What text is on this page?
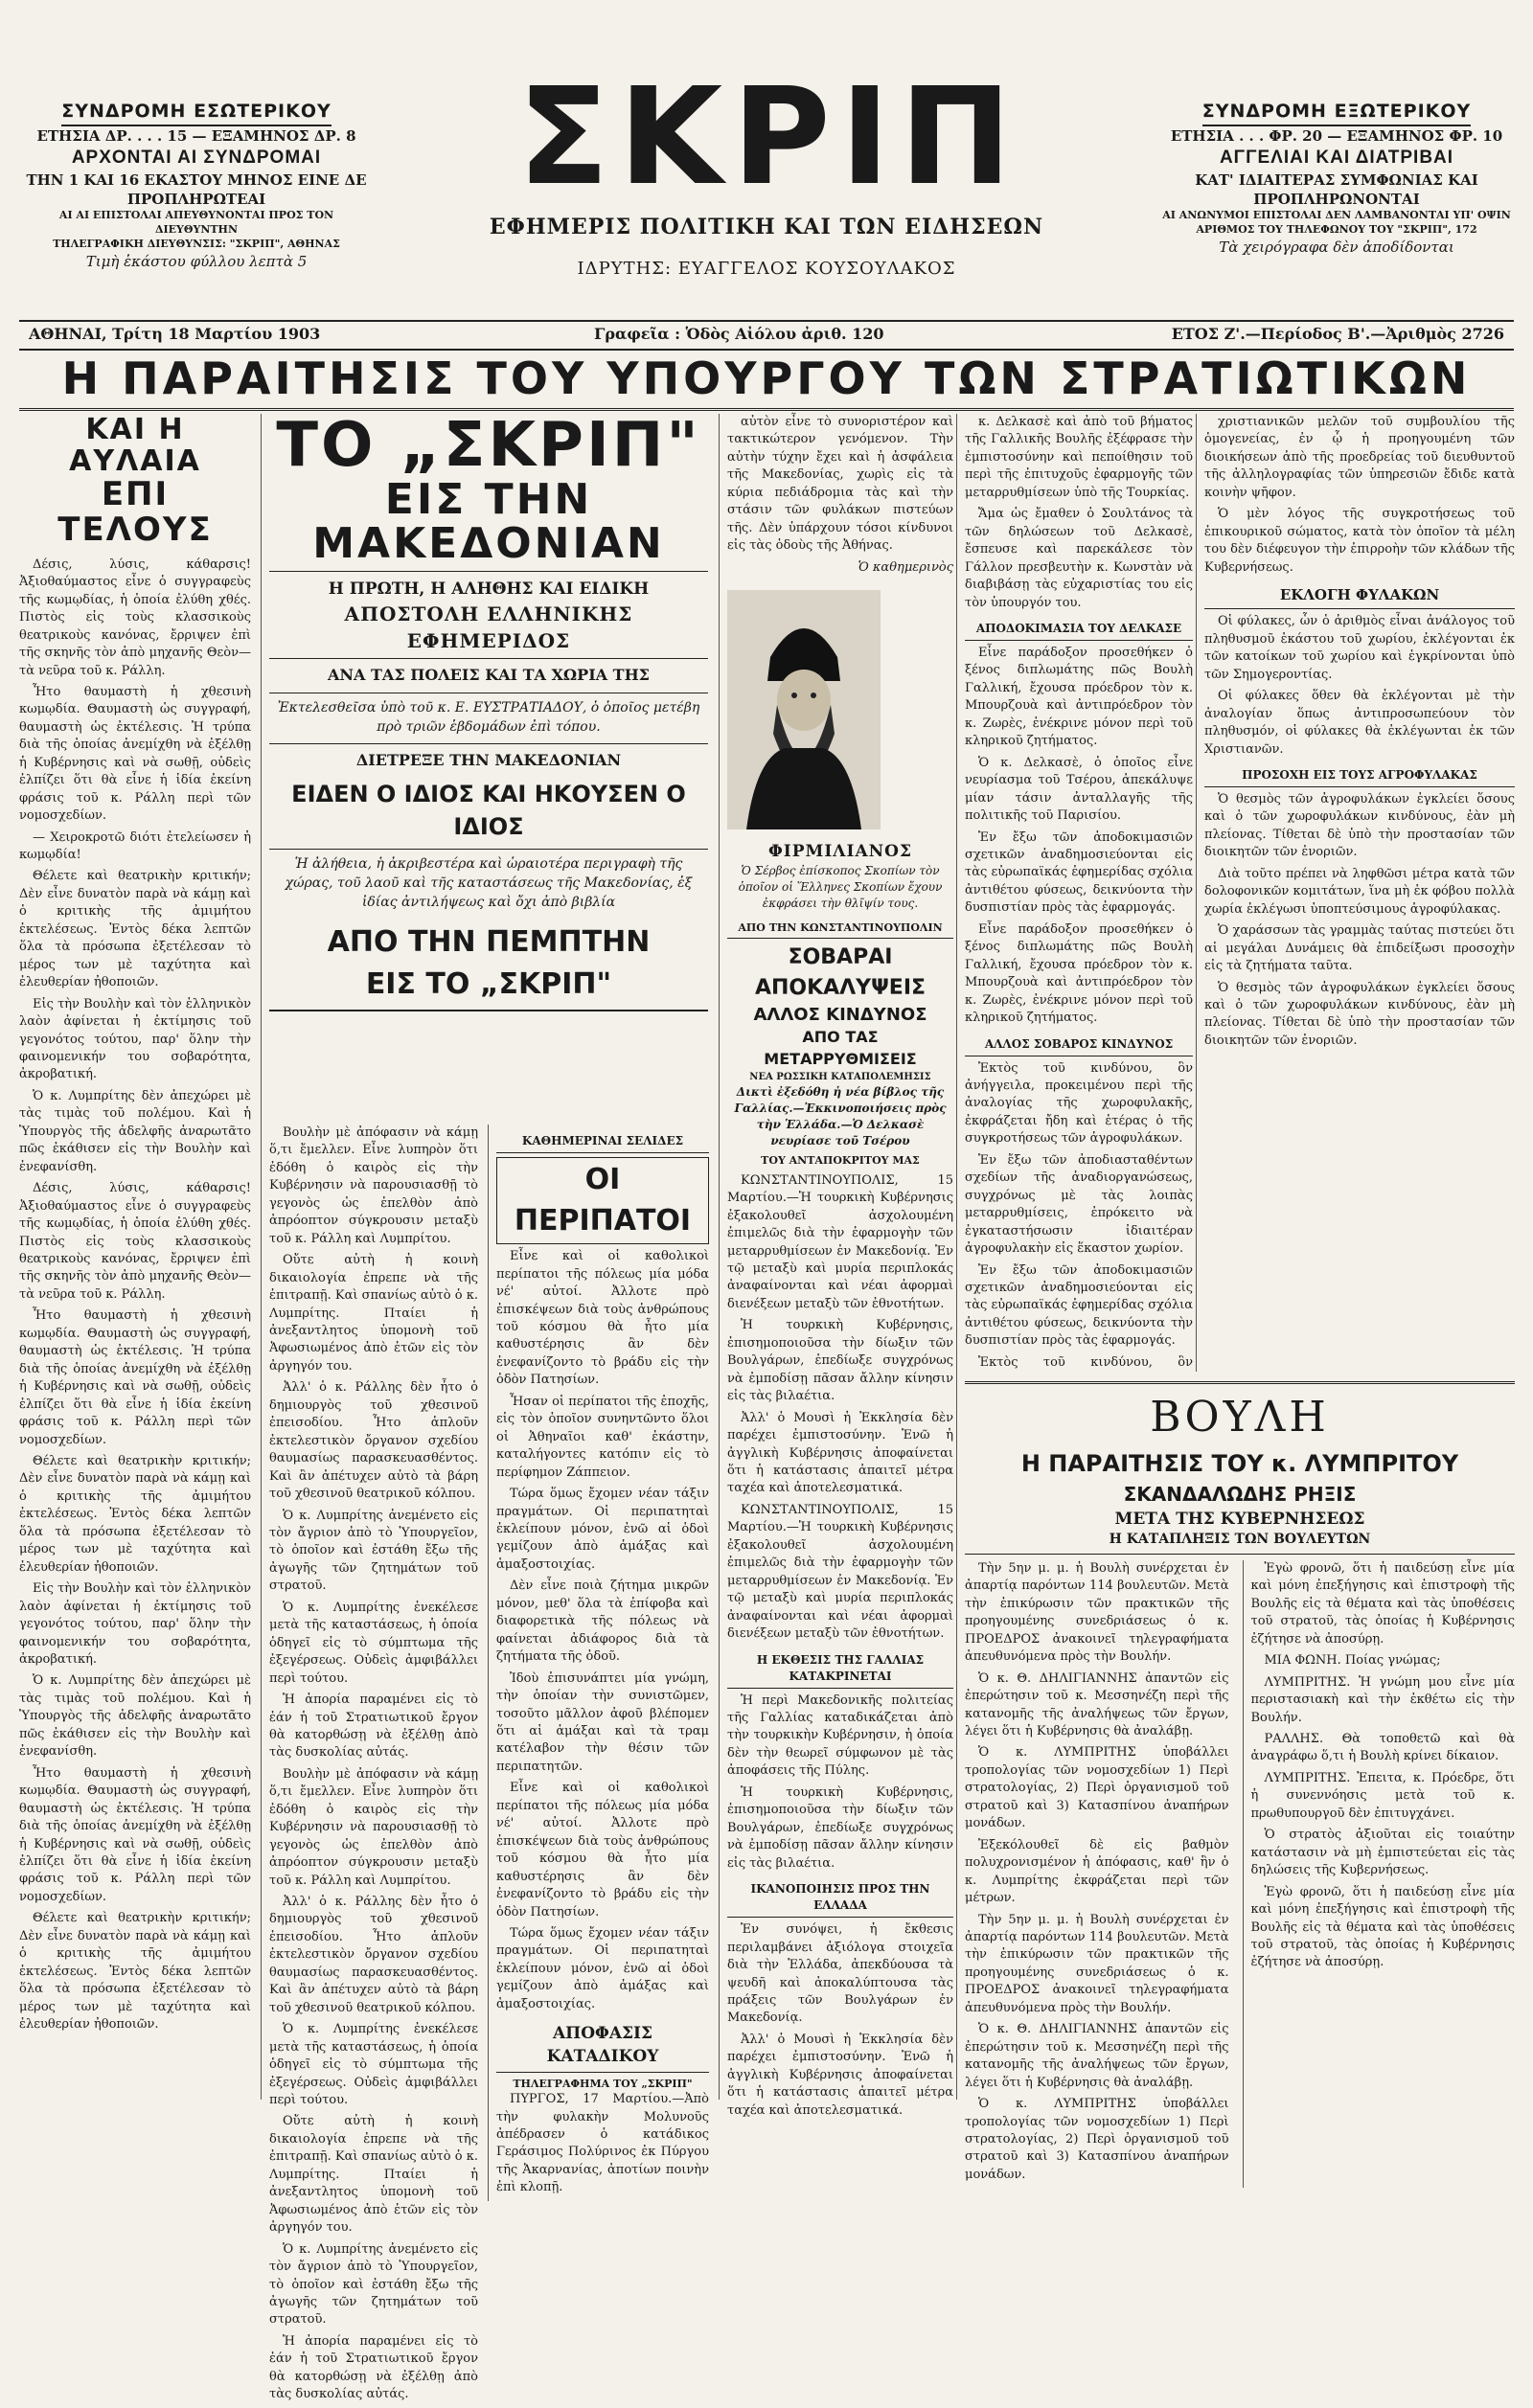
ΣΥΝΔΡΟΜΗ ΕΣΩΤΕΡΙΚΟΥ
ΕΤΗΣΙΑ ΔΡ. . . . 15 — ΕΞΑΜΗΝΟΣ ΔΡ. 8
ΑΡΧΟΝΤΑΙ ΑΙ ΣΥΝΔΡΟΜΑΙ
ΤΗΝ 1 ΚΑΙ 16 ΕΚΑΣΤΟΥ ΜΗΝΟΣ ΕΙΝΕ ΔΕ
ΠΡΟΠΛΗΡΩΤΕΑΙ
ΑΙ ΑΙ ΕΠΙΣΤΟΛΑΙ ΑΠΕΥΘΥΝΟΝΤΑΙ ΠΡΟΣ ΤΟΝ ΔΙΕΥΘΥΝΤΗΝ
ΤΗΛΕΓΡΑΦΙΚΗ ΔΙΕΥΘΥΝΣΙΣ: "ΣΚΡΙΠ", ΑΘΗΝΑΣ
Τιμὴ ἑκάστου φύλλου λεπτὰ 5
ΣΚΡΙΠ
ΕΦΗΜΕΡΙΣ ΠΟΛΙΤΙΚΗ ΚΑΙ ΤΩΝ ΕΙΔΗΣΕΩΝ
ΙΔΡΥΤΗΣ: ΕΥΑΓΓΕΛΟΣ ΚΟΥΣΟΥΛΑΚΟΣ
ΣΥΝΔΡΟΜΗ ΕΞΩΤΕΡΙΚΟΥ
ΕΤΗΣΙΑ . . . ΦΡ. 20 — ΕΞΑΜΗΝΟΣ ΦΡ. 10
ΑΓΓΕΛΙΑΙ ΚΑΙ ΔΙΑΤΡΙΒΑΙ
ΚΑΤ' ΙΔΙΑΙΤΕΡΑΣ ΣΥΜΦΩΝΙΑΣ ΚΑΙ
ΠΡΟΠΛΗΡΩΝΟΝΤΑΙ
ΑΙ ΑΝΩΝΥΜΟΙ ΕΠΙΣΤΟΛΑΙ ΔΕΝ ΛΑΜΒΑΝΟΝΤΑΙ ΥΠ' ΟΨΙΝ
ΑΡΙΘΜΟΣ ΤΟΥ ΤΗΛΕΦΩΝΟΥ ΤΟΥ "ΣΚΡΙΠ", 172
Τὰ χειρόγραφα δὲν ἀποδίδονται
ΑΘΗΝΑΙ, Τρίτη 18 Μαρτίου 1903	Γραφεῖα : Ὁδὸς Αἰόλου ἀριθ. 120	ΕΤΟΣ Ζ'.—Περίοδος Β'.—Ἀριθμὸς 2726
Η ΠΑΡΑΙΤΗΣΙΣ ΤΟΥ ΥΠΟΥΡΓΟΥ ΤΩΝ ΣΤΡΑΤΙΩΤΙΚΩΝ
ΚΑΙ Η ΑΥΛΑΙΑ
ΕΠΙ ΤΕΛΟΥΣ

Δέσις, λύσις, κάθαρσις! Ἀξιοθαύμαστος εἶνε ὁ συγγραφεὺς τῆς κωμῳδίας, ἡ ὁποία ἐλύθη χθές. Πιστὸς εἰς τοὺς κλασσικοὺς θεατρικοὺς κανόνας, ἔρριψεν ἐπὶ τῆς σκηνῆς τὸν ἀπὸ μηχανῆς Θεὸν—τὰ νεῦρα τοῦ κ. Ράλλη.

Ἦτο θαυμαστὴ ἡ χθεσινὴ κωμῳδία. Θαυμαστὴ ὡς συγγραφή, θαυμαστὴ ὡς ἐκτέλεσις. Ἡ τρύπα διὰ τῆς ὁποίας ἀνεμίχθη νὰ ἐξέλθῃ ἡ Κυβέρνησις καὶ νὰ σωθῇ, οὐδεὶς ἐλπίζει ὅτι θὰ εἶνε ἡ ἰδία ἐκείνη φράσις τοῦ κ. Ράλλη περὶ τῶν νομοσχεδίων.

— Χειροκροτῶ διότι ἐτελείωσεν ἡ κωμῳδία!

Θέλετε καὶ θεατρικὴν κριτικήν; Δὲν εἶνε δυνατὸν παρὰ νὰ κάμῃ καὶ ὁ κριτικὴς τῆς ἀμιμήτου ἐκτελέσεως. Ἐντὸς δέκα λεπτῶν ὅλα τὰ πρόσωπα ἐξετέλεσαν τὸ μέρος των μὲ ταχύτητα καὶ ἐλευθερίαν ἠθοποιῶν.

Εἰς τὴν Βουλὴν καὶ τὸν ἑλληνικὸν λαὸν ἀφίνεται ἡ ἐκτίμησις τοῦ γεγονότος τούτου, παρ' ὅλην τὴν φαινομενικήν του σοβαρότητα, ἀκροβατική.

Ὁ κ. Λυμπρίτης δὲν ἀπεχώρει μὲ τὰς τιμὰς τοῦ πολέμου. Καὶ ἡ Ὑπουργὸς τῆς ἀδελφῆς ἀναρωτᾶτο πῶς ἐκάθισεν εἰς τὴν Βουλὴν καὶ ἐνεφανίσθη.

Δέσις, λύσις, κάθαρσις! Ἀξιοθαύμαστος εἶνε ὁ συγγραφεὺς τῆς κωμῳδίας, ἡ ὁποία ἐλύθη χθές. Πιστὸς εἰς τοὺς κλασσικοὺς θεατρικοὺς κανόνας, ἔρριψεν ἐπὶ τῆς σκηνῆς τὸν ἀπὸ μηχανῆς Θεὸν—τὰ νεῦρα τοῦ κ. Ράλλη.

Ἦτο θαυμαστὴ ἡ χθεσινὴ κωμῳδία. Θαυμαστὴ ὡς συγγραφή, θαυμαστὴ ὡς ἐκτέλεσις. Ἡ τρύπα διὰ τῆς ὁποίας ἀνεμίχθη νὰ ἐξέλθῃ ἡ Κυβέρνησις καὶ νὰ σωθῇ, οὐδεὶς ἐλπίζει ὅτι θὰ εἶνε ἡ ἰδία ἐκείνη φράσις τοῦ κ. Ράλλη περὶ τῶν νομοσχεδίων.

Θέλετε καὶ θεατρικὴν κριτικήν; Δὲν εἶνε δυνατὸν παρὰ νὰ κάμῃ καὶ ὁ κριτικὴς τῆς ἀμιμήτου ἐκτελέσεως. Ἐντὸς δέκα λεπτῶν ὅλα τὰ πρόσωπα ἐξετέλεσαν τὸ μέρος των μὲ ταχύτητα καὶ ἐλευθερίαν ἠθοποιῶν.

Εἰς τὴν Βουλὴν καὶ τὸν ἑλληνικὸν λαὸν ἀφίνεται ἡ ἐκτίμησις τοῦ γεγονότος τούτου, παρ' ὅλην τὴν φαινομενικήν του σοβαρότητα, ἀκροβατική.

Ὁ κ. Λυμπρίτης δὲν ἀπεχώρει μὲ τὰς τιμὰς τοῦ πολέμου. Καὶ ἡ Ὑπουργὸς τῆς ἀδελφῆς ἀναρωτᾶτο πῶς ἐκάθισεν εἰς τὴν Βουλὴν καὶ ἐνεφανίσθη.

Ἦτο θαυμαστὴ ἡ χθεσινὴ κωμῳδία. Θαυμαστὴ ὡς συγγραφή, θαυμαστὴ ὡς ἐκτέλεσις. Ἡ τρύπα διὰ τῆς ὁποίας ἀνεμίχθη νὰ ἐξέλθῃ ἡ Κυβέρνησις καὶ νὰ σωθῇ, οὐδεὶς ἐλπίζει ὅτι θὰ εἶνε ἡ ἰδία ἐκείνη φράσις τοῦ κ. Ράλλη περὶ τῶν νομοσχεδίων.

Θέλετε καὶ θεατρικὴν κριτικήν; Δὲν εἶνε δυνατὸν παρὰ νὰ κάμῃ καὶ ὁ κριτικὴς τῆς ἀμιμήτου ἐκτελέσεως. Ἐντὸς δέκα λεπτῶν ὅλα τὰ πρόσωπα ἐξετέλεσαν τὸ μέρος των μὲ ταχύτητα καὶ ἐλευθερίαν ἠθοποιῶν.

ΤΟ „ΣΚΡΙΠ"
ΕΙΣ ΤΗΝ ΜΑΚΕΔΟΝΙΑΝ
Η ΠΡΩΤΗ, Η ΑΛΗΘΗΣ ΚΑΙ ΕΙΔΙΚΗ
ΑΠΟΣΤΟΛΗ ΕΛΛΗΝΙΚΗΣ ΕΦΗΜΕΡΙΔΟΣ
ΑΝΑ ΤΑΣ ΠΟΛΕΙΣ ΚΑΙ ΤΑ ΧΩΡΙΑ ΤΗΣ
Ἐκτελεσθεῖσα ὑπὸ τοῦ κ. Ε. ΕΥΣΤΡΑΤΙΑΔΟΥ, ὁ ὁποῖος μετέβη πρὸ τριῶν ἑβδομάδων ἐπὶ τόπου.
ΔΙΕΤΡΕΞΕ ΤΗΝ ΜΑΚΕΔΟΝΙΑΝ
ΕΙΔΕΝ Ο ΙΔΙΟΣ ΚΑΙ ΗΚΟΥΣΕΝ Ο ΙΔΙΟΣ
Ἡ ἀλήθεια, ἡ ἀκριβεστέρα καὶ ὡραιοτέρα περιγραφὴ τῆς χώρας, τοῦ λαοῦ καὶ τῆς καταστάσεως τῆς Μακεδονίας, ἐξ ἰδίας ἀντιλήψεως καὶ ὄχι ἀπὸ βιβλία
ΑΠΟ ΤΗΝ ΠΕΜΠΤΗΝ
ΕΙΣ ΤΟ „ΣΚΡΙΠ"

Βουλὴν μὲ ἀπόφασιν νὰ κάμῃ ὅ,τι ἔμελλεν. Εἶνε λυπηρὸν ὅτι ἐδόθη ὁ καιρὸς εἰς τὴν Κυβέρνησιν νὰ παρουσιασθῇ τὸ γεγονὸς ὡς ἐπελθὸν ἀπὸ ἀπρόοπτον σύγκρουσιν μεταξὺ τοῦ κ. Ράλλη καὶ Λυμπρίτου.

Οὔτε αὐτὴ ἡ κοινὴ δικαιολογία ἐπρεπε νὰ τῆς ἐπιτραπῇ. Καὶ σπανίως αὐτὸ ὁ κ. Λυμπρίτης. Πταίει ἡ ἀνεξαντλητος ὑπομονὴ τοῦ Ἀφωσιωμένος ἀπὸ ἐτῶν εἰς τὸν ἀργηγόν του.

Ἀλλ' ὁ κ. Ράλλης δὲν ἦτο ὁ δημιουργὸς τοῦ χθεσινοῦ ἐπεισοδίου. Ἦτο ἁπλοῦν ἐκτελεστικὸν ὄργανον σχεδίου θαυμασίως παρασκευασθέντος. Καὶ ἂν ἀπέτυχεν αὐτὸ τὰ βάρη τοῦ χθεσινοῦ θεατρικοῦ κόλπου.

Ὁ κ. Λυμπρίτης ἀνεμένετο εἰς τὸν ἄγριον ἀπὸ τὸ Ὑπουργεῖον, τὸ ὁποῖον καὶ ἐστάθη ἔξω τῆς ἀγωγῆς τῶν ζητημάτων τοῦ στρατοῦ.

Ὁ κ. Λυμπρίτης ἐνεκέλεσε μετὰ τῆς καταστάσεως, ἡ ὁποία ὁδηγεῖ εἰς τὸ σύμπτωμα τῆς ἐξεγέρσεως. Οὐδεὶς ἀμφιβάλλει περὶ τούτου.

Ἡ ἀπορία παραμένει εἰς τὸ ἐάν ἡ τοῦ Στρατιωτικοῦ ἔργον θὰ κατορθώσῃ νὰ ἐξέλθῃ ἀπὸ τὰς δυσκολίας αὐτάς.

Βουλὴν μὲ ἀπόφασιν νὰ κάμῃ ὅ,τι ἔμελλεν. Εἶνε λυπηρὸν ὅτι ἐδόθη ὁ καιρὸς εἰς τὴν Κυβέρνησιν νὰ παρουσιασθῇ τὸ γεγονὸς ὡς ἐπελθὸν ἀπὸ ἀπρόοπτον σύγκρουσιν μεταξὺ τοῦ κ. Ράλλη καὶ Λυμπρίτου.

Ἀλλ' ὁ κ. Ράλλης δὲν ἦτο ὁ δημιουργὸς τοῦ χθεσινοῦ ἐπεισοδίου. Ἦτο ἁπλοῦν ἐκτελεστικὸν ὄργανον σχεδίου θαυμασίως παρασκευασθέντος. Καὶ ἂν ἀπέτυχεν αὐτὸ τὰ βάρη τοῦ χθεσινοῦ θεατρικοῦ κόλπου.

Ὁ κ. Λυμπρίτης ἐνεκέλεσε μετὰ τῆς καταστάσεως, ἡ ὁποία ὁδηγεῖ εἰς τὸ σύμπτωμα τῆς ἐξεγέρσεως. Οὐδεὶς ἀμφιβάλλει περὶ τούτου.

Οὔτε αὐτὴ ἡ κοινὴ δικαιολογία ἐπρεπε νὰ τῆς ἐπιτραπῇ. Καὶ σπανίως αὐτὸ ὁ κ. Λυμπρίτης. Πταίει ἡ ἀνεξαντλητος ὑπομονὴ τοῦ Ἀφωσιωμένος ἀπὸ ἐτῶν εἰς τὸν ἀργηγόν του.

Ὁ κ. Λυμπρίτης ἀνεμένετο εἰς τὸν ἄγριον ἀπὸ τὸ Ὑπουργεῖον, τὸ ὁποῖον καὶ ἐστάθη ἔξω τῆς ἀγωγῆς τῶν ζητημάτων τοῦ στρατοῦ.

Ἡ ἀπορία παραμένει εἰς τὸ ἐάν ἡ τοῦ Στρατιωτικοῦ ἔργον θὰ κατορθώσῃ νὰ ἐξέλθῃ ἀπὸ τὰς δυσκολίας αὐτάς.

ΚΑΘΗΜΕΡΙΝΑΙ ΣΕΛΙΔΕΣ
ΟΙ ΠΕΡΙΠΑΤΟΙ

Εἶνε καὶ οἱ καθολικοὶ περίπατοι τῆς πόλεως μία μόδα νέ' αὐτοί. Ἀλλοτε πρὸ ἐπισκέψεων διὰ τοὺς ἀνθρώπους τοῦ κόσμου θὰ ἦτο μία καθυστέρησις ἂν δὲν ἐνεφανίζοντο τὸ βράδυ εἰς τὴν ὁδὸν Πατησίων.

Ἦσαν οἱ περίπατοι τῆς ἐποχῆς, εἰς τὸν ὁποῖον συνηντῶντο ὅλοι οἱ Ἀθηναῖοι καθ' ἑκάστην, καταλήγοντες κατόπιν εἰς τὸ περίφημον Ζάππειον.

Τώρα ὅμως ἔχομεν νέαν τάξιν πραγμάτων. Οἱ περιπατηταὶ ἐκλείπουν μόνον, ἐνῶ αἱ ὁδοὶ γεμίζουν ἀπὸ ἁμάξας καὶ ἁμαξοστοιχίας.

Δὲν εἶνε ποιὰ ζήτημα μικρῶν μόνον, μεθ' ὅλα τὰ ἐπίφοβα καὶ διαφορετικὰ τῆς πόλεως νὰ φαίνεται ἀδιάφορος διὰ τὰ ζητήματα τῆς ὀδοῦ.

Ἰδοὺ ἐπισυνάπτει μία γνώμη, τὴν ὁποίαν τὴν συνιστῶμεν, τοσοῦτο μᾶλλον ἀφοῦ βλέπομεν ὅτι αἱ ἁμάξαι καὶ τὰ τραμ κατέλαβον τὴν θέσιν τῶν περιπατητῶν.

Εἶνε καὶ οἱ καθολικοὶ περίπατοι τῆς πόλεως μία μόδα νέ' αὐτοί. Ἀλλοτε πρὸ ἐπισκέψεων διὰ τοὺς ἀνθρώπους τοῦ κόσμου θὰ ἦτο μία καθυστέρησις ἂν δὲν ἐνεφανίζοντο τὸ βράδυ εἰς τὴν ὁδὸν Πατησίων.

Τώρα ὅμως ἔχομεν νέαν τάξιν πραγμάτων. Οἱ περιπατηταὶ ἐκλείπουν μόνον, ἐνῶ αἱ ὁδοὶ γεμίζουν ἀπὸ ἁμάξας καὶ ἁμαξοστοιχίας.

ΑΠΟΦΑΣΙΣ ΚΑΤΑΔΙΚΟΥ
ΤΗΛΕΓΡΑΦΗΜΑ ΤΟΥ „ΣΚΡΙΠ"

ΠΥΡΓΟΣ, 17 Μαρτίου.—Ἀπὸ τὴν φυλακὴν Μολυνοῦς ἀπέδρασεν ὁ κατάδικος Γεράσιμος Πολύρινος ἐκ Πύργου τῆς Ἀκαρνανίας, ἀποτίων ποινὴν ἐπὶ κλοπῇ.

αὐτὸν εἶνε τὸ συνοριστέρον καὶ τακτικώτερον γενόμενον. Τὴν αὐτὴν τύχην ἔχει καὶ ἡ ἀσφάλεια τῆς Μακεδονίας, χωρὶς εἰς τὰ κύρια πεδιάδρομια τὰς καὶ τὴν στάσιν τῶν φυλάκων πιστεύων τῆς. Δὲν ὑπάρχουν τόσοι κίνδυνοι εἰς τὰς ὁδοὺς τῆς Ἀθήνας.

Ὁ καθημερινὸς
ΦΙΡΜΙΛΙΑΝΟΣ
Ὁ Σέρβος ἐπίσκοπος Σκοπίων τὸν ὁποῖον οἱ Ἕλληνες Σκοπίων ἔχουν ἐκφράσει τὴν θλῖψίν τους.
ΑΠΟ ΤΗΝ ΚΩΝΣΤΑΝΤΙΝΟΥΠΟΛΙΝ
ΣΟΒΑΡΑΙ ΑΠΟΚΑΛΥΨΕΙΣ
ΑΛΛΟΣ ΚΙΝΔΥΝΟΣ
ΑΠΟ ΤΑΣ ΜΕΤΑΡΡΥΘΜΙΣΕΙΣ
ΝΕΑ ΡΩΣΣΙΚΗ ΚΑΤΑΠΟΛΕΜΗΣΙΣ
Δικτὶ ἐξεδόθη ἡ νέα βίβλος τῆς Γαλλίας.—Ἐκκινοποιήσεις πρὸς τὴν Ἑλλάδα.—Ὁ Δελκασὲ νευρίασε τοῦ Τσέρου
ΤΟΥ ΑΝΤΑΠΟΚΡΙΤΟΥ ΜΑΣ

ΚΩΝΣΤΑΝΤΙΝΟΥΠΟΛΙΣ, 15 Μαρτίου.—Ἡ τουρκικὴ Κυβέρνησις ἐξακολουθεῖ ἀσχολουμένη ἐπιμελῶς διὰ τὴν ἐφαρμογὴν τῶν μεταρρυθμίσεων ἐν Μακεδονίᾳ. Ἐν τῷ μεταξὺ καὶ μυρία περιπλοκάς ἀναφαίνονται καὶ νέαι ἀφορμαὶ διενέξεων μεταξὺ τῶν ἐθνοτήτων.

Ἡ τουρκικὴ Κυβέρνησις, ἐπισημοποιοῦσα τὴν δίωξιν τῶν Βουλγάρων, ἐπεδίωξε συγχρόνως νὰ ἐμποδίσῃ πᾶσαν ἄλλην κίνησιν εἰς τὰς βιλαέτια.

Ἀλλ' ὁ Μουσὶ ἡ Ἐκκλησία δὲν παρέχει ἐμπιστοσύνην. Ἐνῶ ἡ ἀγγλικὴ Κυβέρνησις ἀποφαίνεται ὅτι ἡ κατάστασις ἀπαιτεῖ μέτρα ταχέα καὶ ἀποτελεσματικά.

ΚΩΝΣΤΑΝΤΙΝΟΥΠΟΛΙΣ, 15 Μαρτίου.—Ἡ τουρκικὴ Κυβέρνησις ἐξακολουθεῖ ἀσχολουμένη ἐπιμελῶς διὰ τὴν ἐφαρμογὴν τῶν μεταρρυθμίσεων ἐν Μακεδονίᾳ. Ἐν τῷ μεταξὺ καὶ μυρία περιπλοκάς ἀναφαίνονται καὶ νέαι ἀφορμαὶ διενέξεων μεταξὺ τῶν ἐθνοτήτων.

Η ΕΚΘΕΣΙΣ ΤΗΣ ΓΑΛΛΙΑΣ ΚΑΤΑΚΡΙΝΕΤΑΙ

Ἡ περὶ Μακεδονικῆς πολιτείας τῆς Γαλλίας καταδικάζεται ἀπὸ τὴν τουρκικὴν Κυβέρνησιν, ἡ ὁποία δὲν τὴν θεωρεῖ σύμφωνον μὲ τὰς ἀποφάσεις τῆς Πύλης.

Ἡ τουρκικὴ Κυβέρνησις, ἐπισημοποιοῦσα τὴν δίωξιν τῶν Βουλγάρων, ἐπεδίωξε συγχρόνως νὰ ἐμποδίσῃ πᾶσαν ἄλλην κίνησιν εἰς τὰς βιλαέτια.

ΙΚΑΝΟΠΟΙΗΣΙΣ ΠΡΟΣ ΤΗΝ ΕΛΛΑΔΑ

Ἐν συνόψει, ἡ ἔκθεσις περιλαμβάνει ἀξιόλογα στοιχεῖα διὰ τὴν Ἑλλάδα, ἀπεκδύουσα τὰ ψευδῆ καὶ ἀποκαλύπτουσα τὰς πράξεις τῶν Βουλγάρων ἐν Μακεδονίᾳ.

Ἀλλ' ὁ Μουσὶ ἡ Ἐκκλησία δὲν παρέχει ἐμπιστοσύνην. Ἐνῶ ἡ ἀγγλικὴ Κυβέρνησις ἀποφαίνεται ὅτι ἡ κατάστασις ἀπαιτεῖ μέτρα ταχέα καὶ ἀποτελεσματικά.

κ. Δελκασὲ καὶ ἀπὸ τοῦ βήματος τῆς Γαλλικῆς Βουλῆς ἐξέφρασε τὴν ἐμπιστοσύνην καὶ πεποίθησιν τοῦ περὶ τῆς ἐπιτυχοῦς ἐφαρμογῆς τῶν μεταρρυθμίσεων ὑπὸ τῆς Τουρκίας.

Ἄμα ὡς ἔμαθεν ὁ Σουλτάνος τὰ τῶν δηλώσεων τοῦ Δελκασὲ, ἔσπευσε καὶ παρεκάλεσε τὸν Γάλλον πρεσβευτὴν κ. Κωνστὰν νὰ διαβιβάσῃ τὰς εὐχαριστίας του εἰς τὸν ὑπουργόν του.

ΑΠΟΔΟΚΙΜΑΣΙΑ ΤΟΥ ΔΕΛΚΑΣΕ

Εἶνε παράδοξον προσεθήκεν ὁ ξένος διπλωμάτης πῶς Βουλὴ Γαλλική, ἔχουσα πρόεδρον τὸν κ. Μπουρζουὰ καὶ ἀντιπρόεδρον τὸν κ. Ζωρὲς, ἐνέκρινε μόνον περὶ τοῦ κληρικοῦ ζητήματος.

Ὁ κ. Δελκασὲ, ὁ ὁποῖος εἶνε νευρίασμα τοῦ Τσέρου, ἀπεκάλυψε μίαν τάσιν ἀνταλλαγῆς τῆς πολιτικῆς τοῦ Παρισίου.

Ἐν ἔξω τῶν ἀποδοκιμασιῶν σχετικῶν ἀναδημοσιεύονται εἰς τὰς εὐρωπαϊκάς ἐφημερίδας σχόλια ἀντιθέτου φύσεως, δεικνύοντα τὴν δυσπιστίαν πρὸς τὰς ἐφαρμογάς.

Εἶνε παράδοξον προσεθήκεν ὁ ξένος διπλωμάτης πῶς Βουλὴ Γαλλική, ἔχουσα πρόεδρον τὸν κ. Μπουρζουὰ καὶ ἀντιπρόεδρον τὸν κ. Ζωρὲς, ἐνέκρινε μόνον περὶ τοῦ κληρικοῦ ζητήματος.

ΑΛΛΟΣ ΣΟΒΑΡΟΣ ΚΙΝΔΥΝΟΣ

Ἐκτὸς τοῦ κινδύνου, ὃν ἀνήγγειλα, προκειμένου περὶ τῆς ἀναλογίας τῆς χωροφυλακῆς, ἐκφράζεται ἤδη καὶ ἑτέρας ὁ τῆς συγκροτήσεως τῶν ἀγροφυλάκων.

Ἐν ἔξω τῶν ἀποδιασταθέντων σχεδίων τῆς ἀναδιοργανώσεως, συγχρόνως μὲ τὰς λοιπὰς μεταρρυθμίσεις, ἐπρόκειτο νὰ ἐγκαταστήσωσιν ἰδιαιτέραν ἀγροφυλακὴν εἰς ἕκαστον χωρίον.

Ἐν ἔξω τῶν ἀποδοκιμασιῶν σχετικῶν ἀναδημοσιεύονται εἰς τὰς εὐρωπαϊκάς ἐφημερίδας σχόλια ἀντιθέτου φύσεως, δεικνύοντα τὴν δυσπιστίαν πρὸς τὰς ἐφαρμογάς.

Ἐκτὸς τοῦ κινδύνου, ὃν

χριστιανικῶν μελῶν τοῦ συμβουλίου τῆς ὁμογενείας, ἐν ᾧ ἡ προηγουμένη τῶν διοικήσεων ἀπὸ τῆς προεδρείας τοῦ διευθυντοῦ τῆς ἀλληλογραφίας τῶν ὑπηρεσιῶν ἔδιδε κατὰ κοινὴν ψῆφον.

Ὁ μὲν λόγος τῆς συγκροτήσεως τοῦ ἐπικουρικοῦ σώματος, κατὰ τὸν ὁποῖον τὰ μέλη του δὲν διέφευγον τὴν ἐπιρροὴν τῶν κλάδων τῆς Κυβερνήσεως.

ΕΚΛΟΓΗ ΦΥΛΑΚΩΝ

Οἱ φύλακες, ὧν ὁ ἀριθμὸς εἶναι ἀνάλογος τοῦ πληθυσμοῦ ἑκάστου τοῦ χωρίου, ἐκλέγονται ἐκ τῶν κατοίκων τοῦ χωρίου καὶ ἐγκρίνονται ὑπὸ τῶν Σημογεροντίας.

Οἱ φύλακες ὅθεν θὰ ἐκλέγονται μὲ τὴν ἀναλογίαν ὅπως ἀντιπροσωπεύουν τὸν πληθυσμόν, οἱ φύλακες θὰ ἐκλέγωνται ἐκ τῶν Χριστιανῶν.

ΠΡΟΣΟΧΗ ΕΙΣ ΤΟΥΣ ΑΓΡΟΦΥΛΑΚΑΣ

Ὁ θεσμὸς τῶν ἀγροφυλάκων ἐγκλείει ὅσους καὶ ὁ τῶν χωροφυλάκων κινδύνους, ἐὰν μὴ πλείονας. Τίθεται δὲ ὑπὸ τὴν προστασίαν τῶν διοικητῶν τῶν ἐνοριῶν.

Διὰ τοῦτο πρέπει νὰ ληφθῶσι μέτρα κατὰ τῶν δολοφονικῶν κομιτάτων, ἵνα μὴ ἐκ φόβου πολλὰ χωρία ἐκλέγωσι ὑποπτεύσιμους ἀγροφύλακας.

Ὁ χαράσσων τὰς γραμμὰς ταύτας πιστεύει ὅτι αἱ μεγάλαι Δυνάμεις θὰ ἐπιδείξωσι προσοχὴν εἰς τὰ ζητήματα ταῦτα.

Ὁ θεσμὸς τῶν ἀγροφυλάκων ἐγκλείει ὅσους καὶ ὁ τῶν χωροφυλάκων κινδύνους, ἐὰν μὴ πλείονας. Τίθεται δὲ ὑπὸ τὴν προστασίαν τῶν διοικητῶν τῶν ἐνοριῶν.

ΒΟΥΛΗ
Η ΠΑΡΑΙΤΗΣΙΣ ΤΟΥ κ. ΛΥΜΠΡΙΤΟΥ
ΣΚΑΝΔΑΛΩΔΗΣ ΡΗΞΙΣ
ΜΕΤΑ ΤΗΣ ΚΥΒΕΡΝΗΣΕΩΣ
Η ΚΑΤΑΠΛΗΞΙΣ ΤΩΝ ΒΟΥΛΕΥΤΩΝ

Τὴν 5ην μ. μ. ἡ Βουλὴ συνέρχεται ἐν ἀπαρτίᾳ παρόντων 114 βουλευτῶν. Μετὰ τὴν ἐπικύρωσιν τῶν πρακτικῶν τῆς προηγουμένης συνεδριάσεως ὁ κ. ΠΡΟΕΔΡΟΣ ἀνακοινεῖ τηλεγραφήματα ἀπευθυνόμενα πρὸς τὴν Βουλήν.

Ὁ κ. Θ. ΔΗΛΙΓΙΑΝΝΗΣ ἀπαντῶν εἰς ἐπερώτησιν τοῦ κ. Μεσσηνέζη περὶ τῆς κατανομῆς τῆς ἀναλήψεως τῶν ἔργων, λέγει ὅτι ἡ Κυβέρνησις θὰ ἀναλάβῃ.

Ὁ κ. ΛΥΜΠΡΙΤΗΣ ὑποβάλλει τροπολογίας τῶν νομοσχεδίων 1) Περὶ στρατολογίας, 2) Περὶ ὀργανισμοῦ τοῦ στρατοῦ καὶ 3) Κατασπίνου ἀναπήρων μονάδων.

Ἐξεκόλουθεῖ δὲ εἰς βαθμὸν πολυχρονισμένον ἡ ἀπόφασις, καθ' ἣν ὁ κ. Λυμπρίτης ἐκφράζεται περὶ τῶν μέτρων.

Τὴν 5ην μ. μ. ἡ Βουλὴ συνέρχεται ἐν ἀπαρτίᾳ παρόντων 114 βουλευτῶν. Μετὰ τὴν ἐπικύρωσιν τῶν πρακτικῶν τῆς προηγουμένης συνεδριάσεως ὁ κ. ΠΡΟΕΔΡΟΣ ἀνακοινεῖ τηλεγραφήματα ἀπευθυνόμενα πρὸς τὴν Βουλήν.

Ὁ κ. Θ. ΔΗΛΙΓΙΑΝΝΗΣ ἀπαντῶν εἰς ἐπερώτησιν τοῦ κ. Μεσσηνέζη περὶ τῆς κατανομῆς τῆς ἀναλήψεως τῶν ἔργων, λέγει ὅτι ἡ Κυβέρνησις θὰ ἀναλάβῃ.

Ὁ κ. ΛΥΜΠΡΙΤΗΣ ὑποβάλλει τροπολογίας τῶν νομοσχεδίων 1) Περὶ στρατολογίας, 2) Περὶ ὀργανισμοῦ τοῦ στρατοῦ καὶ 3) Κατασπίνου ἀναπήρων μονάδων.

Ἐγὼ φρονῶ, ὅτι ἡ παιδεύσῃ εἶνε μία καὶ μόνη ἐπεξήγησις καὶ ἐπιστροφὴ τῆς Βουλῆς εἰς τὰ θέματα καὶ τὰς ὑποθέσεις τοῦ στρατοῦ, τὰς ὁποίας ἡ Κυβέρνησις ἐζήτησε νὰ ἀποσύρῃ.

ΜΙΑ ΦΩΝΗ. Ποίας γνώμας;

ΛΥΜΠΡΙΤΗΣ. Ἡ γνώμη μου εἶνε μία περιστασιακὴ καὶ τὴν ἐκθέτω εἰς τὴν Βουλήν.

ΡΑΛΛΗΣ. Θὰ τοποθετῶ καὶ θὰ ἀναγράφω ὅ,τι ἡ Βουλὴ κρίνει δίκαιον.

ΛΥΜΠΡΙΤΗΣ. Ἐπειτα, κ. Πρόεδρε, ὅτι ἡ συνεννόησις μετὰ τοῦ κ. πρωθυπουργοῦ δὲν ἐπιτυγχάνει.

Ὁ στρατὸς ἀξιοῦται εἰς τοιαύτην κατάστασιν νὰ μὴ ἐμπιστεύεται εἰς τὰς δηλώσεις τῆς Κυβερνήσεως.

Ἐγὼ φρονῶ, ὅτι ἡ παιδεύσῃ εἶνε μία καὶ μόνη ἐπεξήγησις καὶ ἐπιστροφὴ τῆς Βουλῆς εἰς τὰ θέματα καὶ τὰς ὑποθέσεις τοῦ στρατοῦ, τὰς ὁποίας ἡ Κυβέρνησις ἐζήτησε νὰ ἀποσύρῃ.
